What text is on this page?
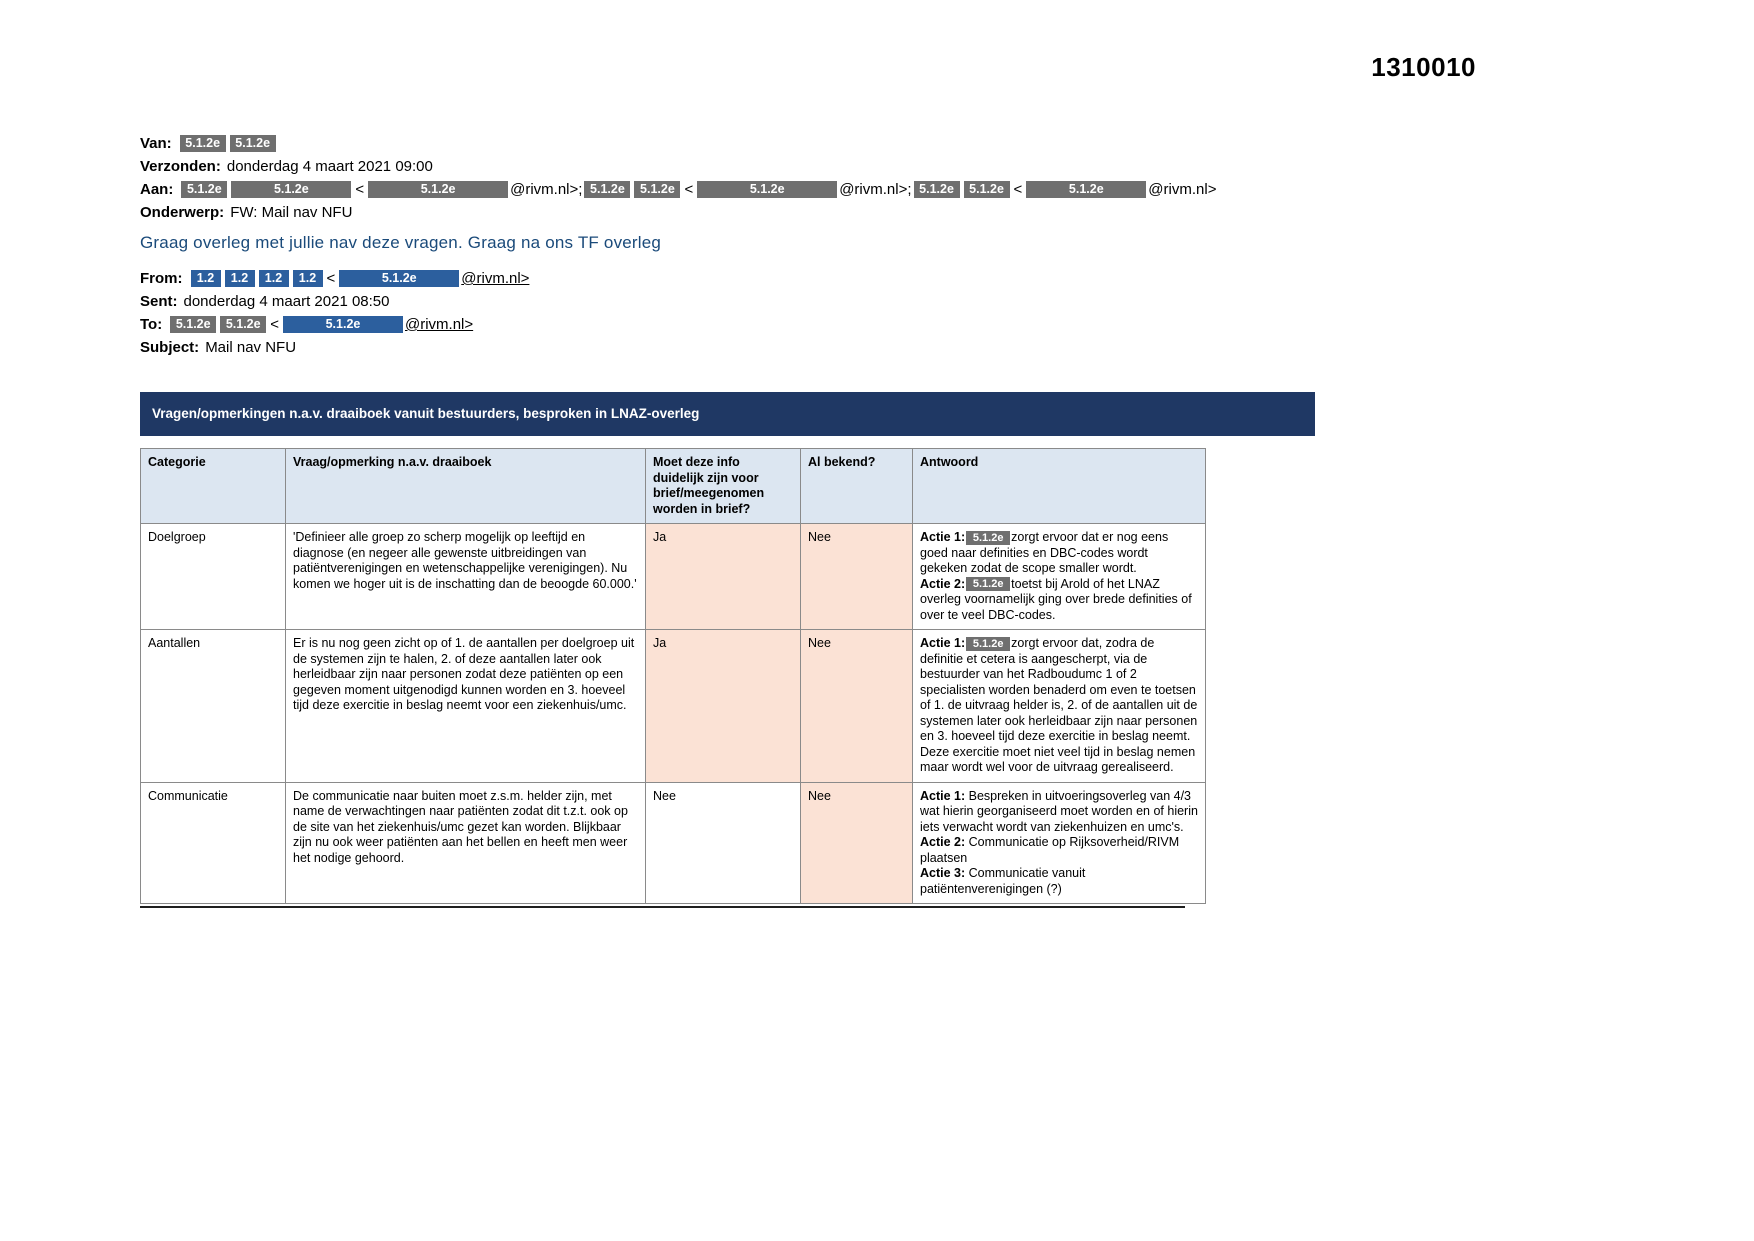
1310010
Van:	5.1.2e	5.1.2e
Verzonden: donderdag 4 maart 2021 09:00
Aan:	5.1.2e	5.1.2e	<	5.1.2e	@rivm.nl>; 5.1.2e	5.1.2e <	5.1.2e	@rivm.nl>; 5.1.2e	5.1.2e <	5.1.2e	@rivm.nl>
Onderwerp: FW: Mail nav NFU
Graag overleg met jullie nav deze vragen. Graag na ons TF overleg
From:	1.2	1.2	1.2	1.2 <	5.1.2e	@rivm.nl>
Sent: donderdag 4 maart 2021 08:50
To:	5.1.2e	5.1.2e <	5.1.2e	@rivm.nl>
Subject: Mail nav NFU
Vragen/opmerkingen n.a.v. draaiboek vanuit bestuurders, besproken in LNAZ-overleg
Categorie	Vraag/opmerking n.a.v. draaiboek	Moet deze info duidelijk zijn voor brief/meegenomen worden in brief?	Al bekend?	Antwoord
Doelgroep	'Definieer alle groep zo scherp mogelijk op leeftijd en diagnose (en negeer alle gewenste uitbreidingen van patiëntverenigingen en wetenschappelijke verenigingen). Nu komen we hoger uit is de inschatting dan de beoogde 60.000.'	Ja	Nee	Actie 1: 5.1.2e zorgt ervoor dat er nog eens goed naar definities en DBC-codes wordt gekeken zodat de scope smaller wordt.
Actie 2: 5.1.2e toetst bij Arold of het LNAZ overleg voornamelijk ging over brede definities of over te veel DBC-codes.

Aantallen	Er is nu nog geen zicht op of 1. de aantallen per doelgroep uit de systemen zijn te halen, 2. of deze aantallen later ook herleidbaar zijn naar personen zodat deze patiënten op een gegeven moment uitgenodigd kunnen worden en 3. hoeveel tijd deze exercitie in beslag neemt voor een ziekenhuis/umc.	Ja	Nee	Actie 1: 5.1.2e zorgt ervoor dat, zodra de definitie et cetera is aangescherpt, via de bestuurder van het Radboudumc 1 of 2 specialisten worden benaderd om even te toetsen of 1. de uitvraag helder is, 2. of de aantallen uit de systemen later ook herleidbaar zijn naar personen en 3. hoeveel tijd deze exercitie in beslag neemt. Deze exercitie moet niet veel tijd in beslag nemen maar wordt wel voor de uitvraag gerealiseerd.

Communicatie	De communicatie naar buiten moet z.s.m. helder zijn, met name de verwachtingen naar patiënten zodat dit t.z.t. ook op de site van het ziekenhuis/umc gezet kan worden. Blijkbaar zijn nu ook weer patiënten aan het bellen en heeft men weer het nodige gehoord.	Nee	Nee	Actie 1: Bespreken in uitvoeringsoverleg van 4/3 wat hierin georganiseerd moet worden en of hierin iets verwacht wordt van ziekenhuizen en umc's.
Actie 2: Communicatie op Rijksoverheid/RIVM plaatsen
Actie 3: Communicatie vanuit patiëntenverenigingen (?)
